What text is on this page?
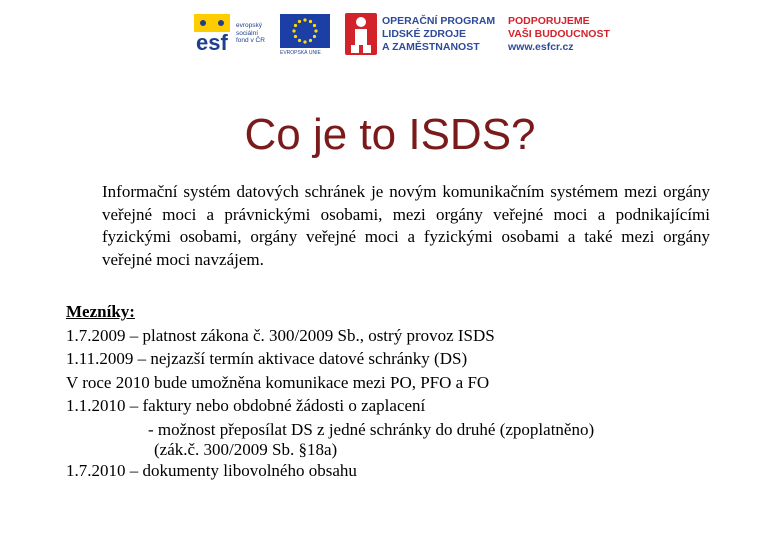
esf
evropský
sociální
fond v ČR
EVROPSKÁ UNIE
OPERAČNÍ PROGRAM
LIDSKÉ ZDROJE
A ZAMĚSTNANOST
PODPORUJEME
VAŠI BUDOUCNOST
www.esfcr.cz
Co je to ISDS?
Informační systém datových schránek je novým komunikačním systémem mezi orgány veřejné moci a právnickými osobami, mezi orgány veřejné moci a podnikajícími fyzickými osobami, orgány veřejné moci a fyzickými osobami a také mezi orgány veřejné moci navzájem.
Mezníky:
1.7.2009 – platnost zákona č. 300/2009 Sb., ostrý provoz ISDS
1.11.2009 – nejzazší termín aktivace datové schránky (DS)
V roce 2010 bude umožněna komunikace mezi PO, PFO a FO
1.1.2010 – faktury nebo obdobné žádosti o zaplacení
- možnost přeposílat DS z jedné schránky do druhé (zpoplatněno)
(zák.č. 300/2009 Sb. §18a)
1.7.2010 – dokumenty libovolného obsahu
